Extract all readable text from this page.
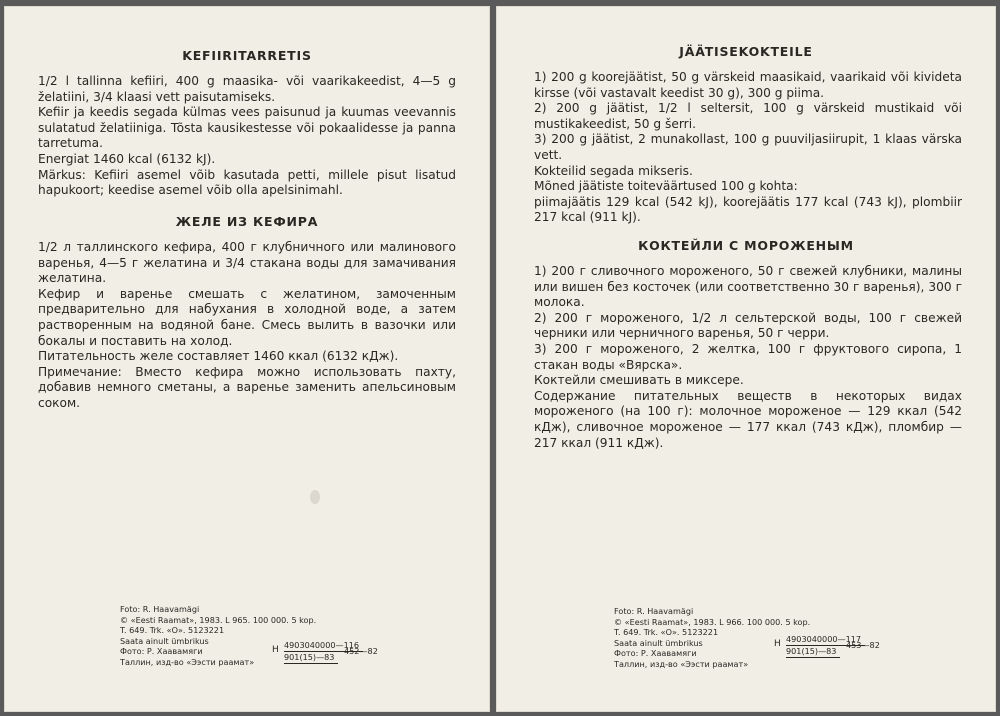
KEFIIRITARRETIS

1/2 l tallinna kefiiri, 400 g maasika- või vaarikakeedist, 4—5 g želatiini, 3/4 klaasi vett paisutamiseks.

Kefiir ja keedis segada külmas vees paisunud ja kuumas veevannis sulatatud želatiiniga. Tõsta kausikestesse või pokaalidesse ja panna tarretuma.

Energiat 1460 kcal (6132 kJ).

Märkus: Kefiiri asemel võib kasutada petti, millele pisut lisatud hapukoort; keedise asemel võib olla apelsinimahl.

ЖЕЛЕ ИЗ КЕФИРА

1/2 л таллинского кефира, 400 г клубничного или малинового варенья, 4—5 г желатина и 3/4 стакана воды для замачивания желатина.

Кефир и варенье смешать с желатином, замоченным предварительно для набухания в холодной воде, а затем растворенным на водяной бане. Смесь вылить в вазочки или бокалы и поставить на холод.

Питательность желе составляет 1460 ккал (6132 кДж).

Примечание: Вместо кефира можно использовать пахту, добавив немного сметаны, а варенье заменить апельсиновым соком.

Foto: R. Haavamägi
© «Eesti Raamat», 1983. L 965. 100 000. 5 kop.
T. 649. Trk. «O». 5123221
Saata ainult ümbrikus
Фото: Р. Хаавамяги
Таллин, изд-во «Ээсти раамат»
H 4903040000—116
901(15)—83
452—82
JÄÄTISEKOKTEILE

1) 200 g koorejäätist, 50 g värskeid maasikaid, vaarikaid või kivideta kirsse (või vastavalt keedist 30 g), 300 g piima.

2) 200 g jäätist, 1/2 l seltersit, 100 g värskeid mustikaid või mustikakeedist, 50 g šerri.

3) 200 g jäätist, 2 munakollast, 100 g puuviljasiirupit, 1 klaas värska vett.

Kokteilid segada mikseris.

Mõned jäätiste toiteväärtused 100 g kohta:
piimajäätis 129 kcal (542 kJ), koorejäätis 177 kcal (743 kJ), plombiir 217 kcal (911 kJ).

КОКТЕЙЛИ С МОРОЖЕНЫМ

1) 200 г сливочного мороженого, 50 г свежей клубники, малины или вишен без косточек (или соответственно 30 г варенья), 300 г молока.

2) 200 г мороженого, 1/2 л сельтерской воды, 100 г свежей черники или черничного варенья, 50 г черри.

3) 200 г мороженого, 2 желтка, 100 г фруктового сиропа, 1 стакан воды «Вярска».

Коктейли смешивать в миксере.

Содержание питательных веществ в некоторых видах мороженого (на 100 г): молочное мороженое — 129 ккал (542 кДж), сливочное мороженое — 177 ккал (743 кДж), пломбир — 217 ккал (911 кДж).

Foto: R. Haavamägi
© «Eesti Raamat», 1983. L 966. 100 000. 5 kop.
T. 649. Trk. «O». 5123221
Saata ainult ümbrikus
Фото: Р. Хаавамяги
Таллин, изд-во «Ээсти раамат»
H 4903040000—117
901(15)—83
453—82
